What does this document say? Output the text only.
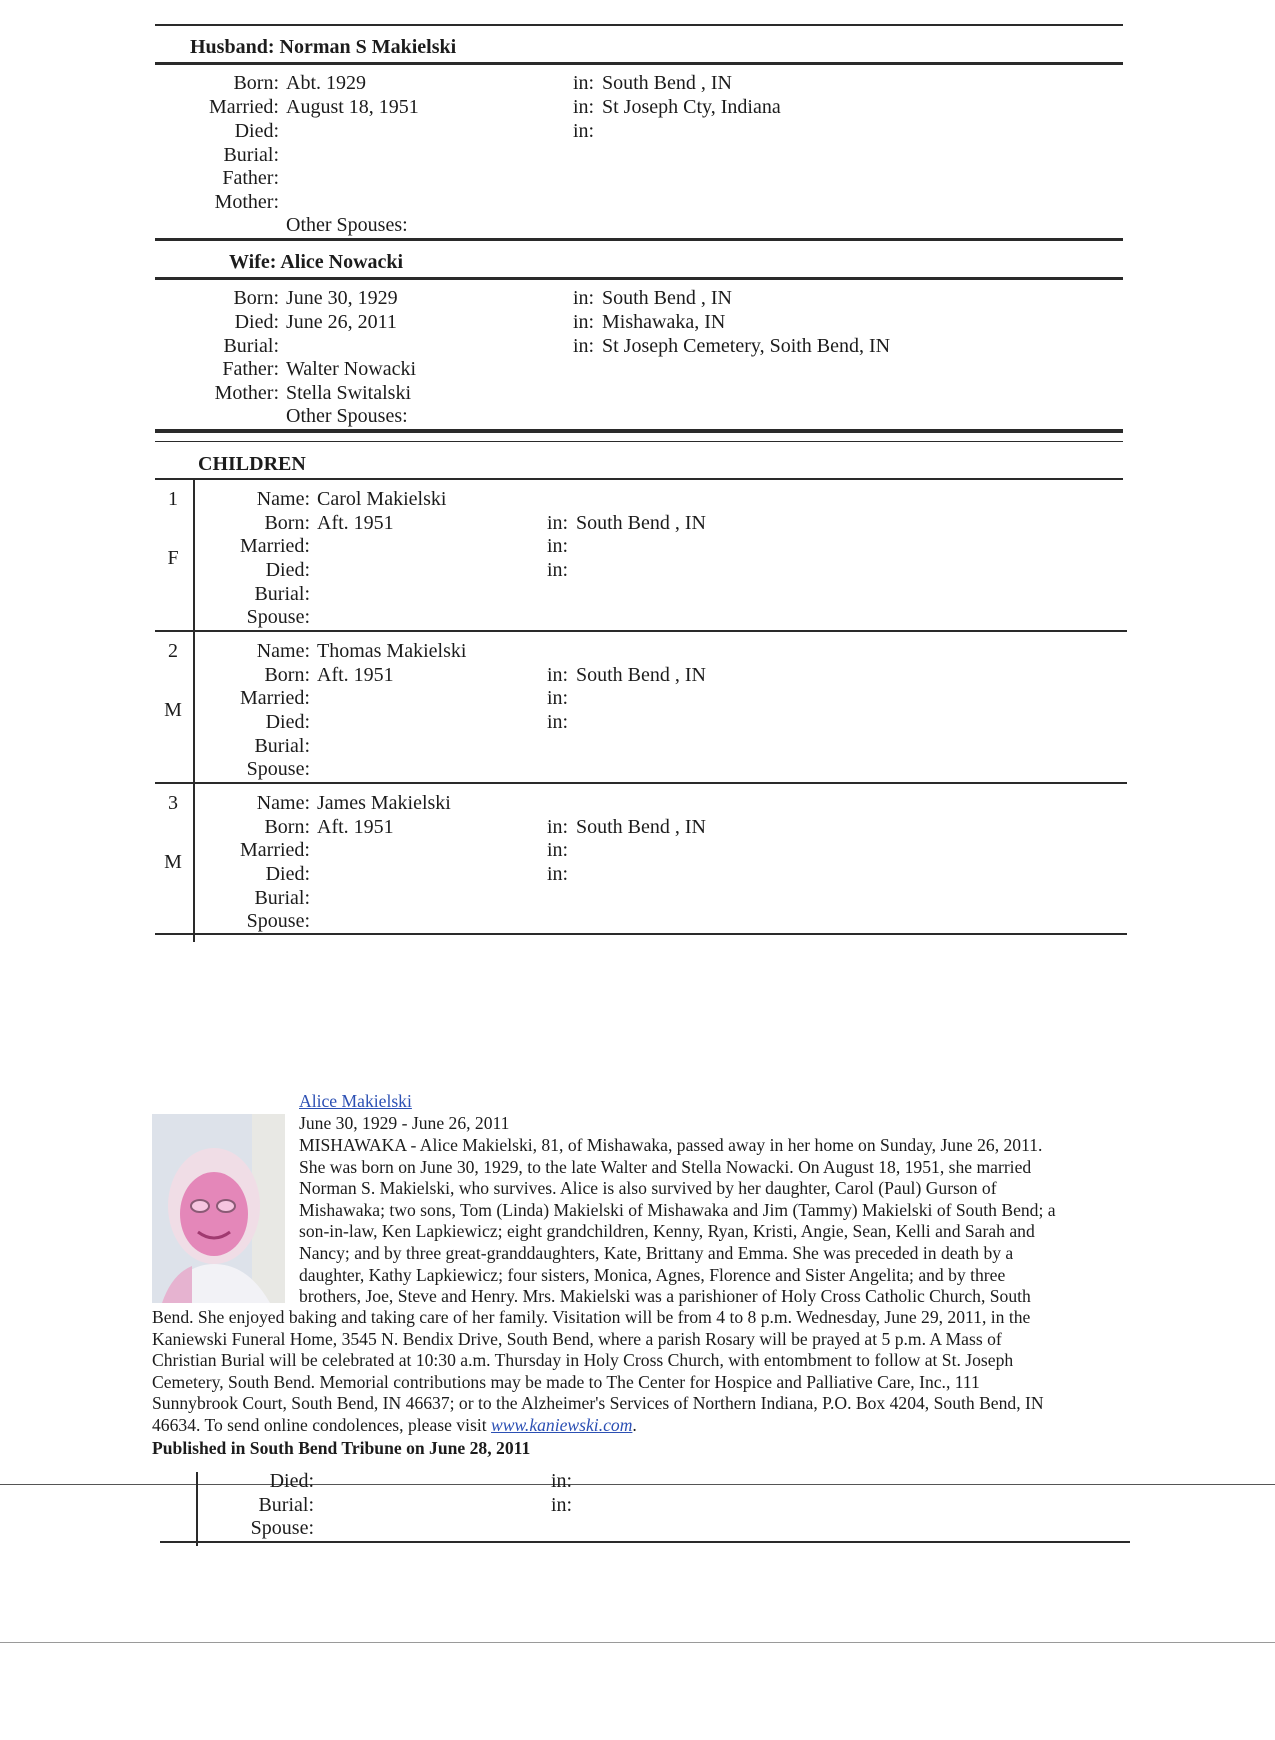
Husband: Norman S Makielski
Born: Abt. 1929	in: South Bend , IN
Married: August 18, 1951	in: St Joseph Cty, Indiana
Died:	in:
Burial:
Father:
Mother:
Other Spouses:
Wife: Alice Nowacki
Born: June 30, 1929	in: South Bend , IN
Died: June 26, 2011	in: Mishawaka, IN
Burial:	in: St Joseph Cemetery, Soith Bend, IN
Father: Walter Nowacki
Mother: Stella Switalski
Other Spouses:
CHILDREN
1
F
Name: Carol Makielski
Born: Aft. 1951	in: South Bend , IN
Married:	in:
Died:	in:
Burial:
Spouse:
2
M
Name: Thomas Makielski
Born: Aft. 1951	in: South Bend , IN
Married:	in:
Died:	in:
Burial:
Spouse:
3
M
Name: James Makielski
Born: Aft. 1951	in: South Bend , IN
Married:	in:
Died:	in:
Burial:
Spouse:
Alice Makielski
June 30, 1929 - June 26, 2011
MISHAWAKA - Alice Makielski, 81, of Mishawaka, passed away in her home on Sunday, June 26, 2011.
She was born on June 30, 1929, to the late Walter and Stella Nowacki. On August 18, 1951, she married
Norman S. Makielski, who survives. Alice is also survived by her daughter, Carol (Paul) Gurson of
Mishawaka; two sons, Tom (Linda) Makielski of Mishawaka and Jim (Tammy) Makielski of South Bend; a
son-in-law, Ken Lapkiewicz; eight grandchildren, Kenny, Ryan, Kristi, Angie, Sean, Kelli and Sarah and
Nancy; and by three great-granddaughters, Kate, Brittany and Emma. She was preceded in death by a
daughter, Kathy Lapkiewicz; four sisters, Monica, Agnes, Florence and Sister Angelita; and by three
brothers, Joe, Steve and Henry. Mrs. Makielski was a parishioner of Holy Cross Catholic Church, South
Bend. She enjoyed baking and taking care of her family. Visitation will be from 4 to 8 p.m. Wednesday, June 29, 2011, in the
Kaniewski Funeral Home, 3545 N. Bendix Drive, South Bend, where a parish Rosary will be prayed at 5 p.m. A Mass of
Christian Burial will be celebrated at 10:30 a.m. Thursday in Holy Cross Church, with entombment to follow at St. Joseph
Cemetery, South Bend. Memorial contributions may be made to The Center for Hospice and Palliative Care, Inc., 111
Sunnybrook Court, South Bend, IN 46637; or to the Alzheimer's Services of Northern Indiana, P.O. Box 4204, South Bend, IN
46634. To send online condolences, please visit www.kaniewski.com.
Published in South Bend Tribune on June 28, 2011
Died:	in:
Burial:	in:
Spouse:
